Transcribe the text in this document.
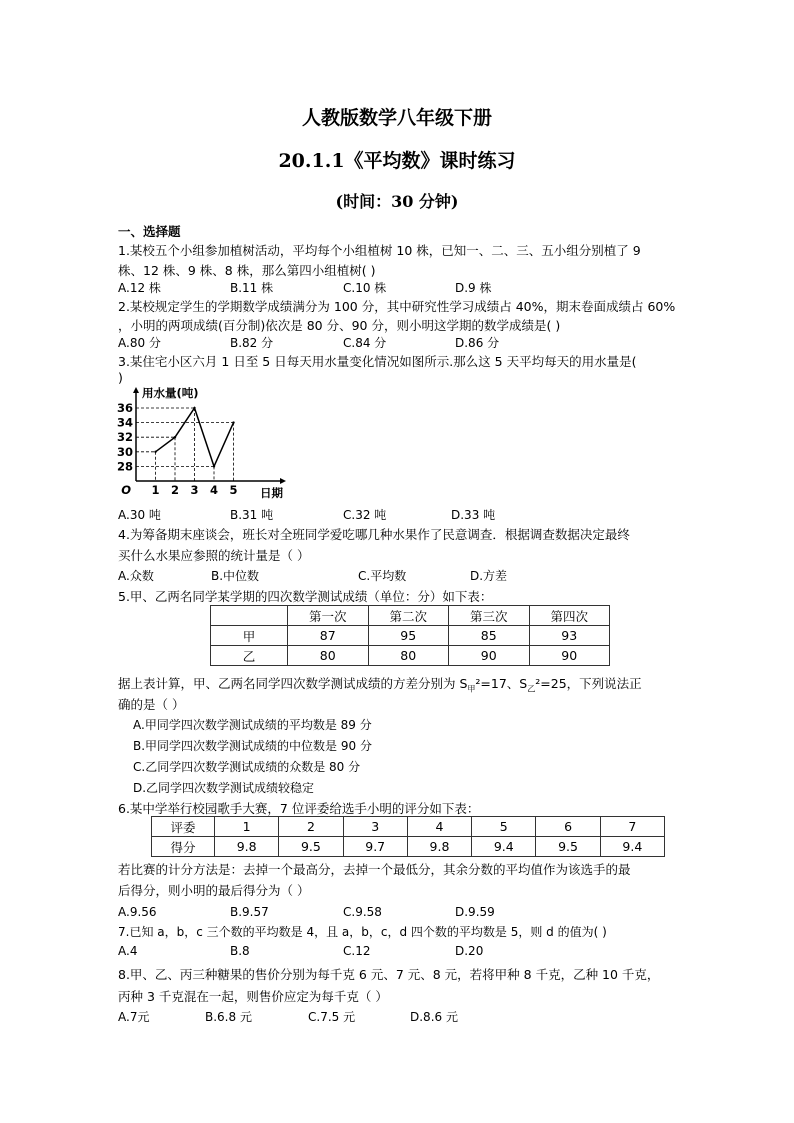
人教版数学八年级下册
20.1.1《平均数》课时练习
(时间：30 分钟)
一、选择题
1.某校五个小组参加植树活动，平均每个小组植树 10 株，已知一、二、三、五小组分别植了 9
株、12 株、9 株、8 株，那么第四小组植树( )
A.12 株	B.11 株	C.10 株	D.9 株
2.某校规定学生的学期数学成绩满分为 100 分，其中研究性学习成绩占 40%，期末卷面成绩占 60%
，小明的两项成绩(百分制)依次是 80 分、90 分，则小明这学期的数学成绩是( )
A.80 分	B.82 分	C.84 分	D.86 分
3.某住宅小区六月 1 日至 5 日每天用水量变化情况如图所示.那么这 5 天平均每天的用水量是(
)
28
30
32
34
36
1 2 3 4 5
O
用水量(吨)
日期
A.30 吨	B.31 吨	C.32 吨	D.33 吨
4.为筹备期末座谈会，班长对全班同学爱吃哪几种水果作了民意调查．根据调查数据决定最终
买什么水果应参照的统计量是（ ）
A.众数	B.中位数	C.平均数	D.方差
5.甲、乙两名同学某学期的四次数学测试成绩（单位：分）如下表：
	第一次	第二次	第三次	第四次
甲	87	95	85	93
乙	80	80	90	90
据上表计算，甲、乙两名同学四次数学测试成绩的方差分别为 $S_甲^2=17$、$S_乙^2=25$，下列说法正
确的是（ ）
A.甲同学四次数学测试成绩的平均数是 89 分
B.甲同学四次数学测试成绩的中位数是 90 分
C.乙同学四次数学测试成绩的众数是 80 分
D.乙同学四次数学测试成绩较稳定
6.某中学举行校园歌手大赛，7 位评委给选手小明的评分如下表：
评委	1	2	3	4	5	6	7
得分	9.8	9.5	9.7	9.8	9.4	9.5	9.4
若比赛的计分方法是：去掉一个最高分，去掉一个最低分，其余分数的平均值作为该选手的最
后得分，则小明的最后得分为（ ）
A.9.56	B.9.57	C.9.58	D.9.59
7.已知 a，b，c 三个数的平均数是 4，且 a，b，c，d 四个数的平均数是 5，则 d 的值为( )
A.4	B.8	C.12	D.20
8.甲、乙、丙三种糖果的售价分别为每千克 6 元、7 元、8 元，若将甲种 8 千克，乙种 10 千克，
丙种 3 千克混在一起，则售价应定为每千克（ ）
A.7元	B.6.8 元	C.7.5 元	D.8.6 元
